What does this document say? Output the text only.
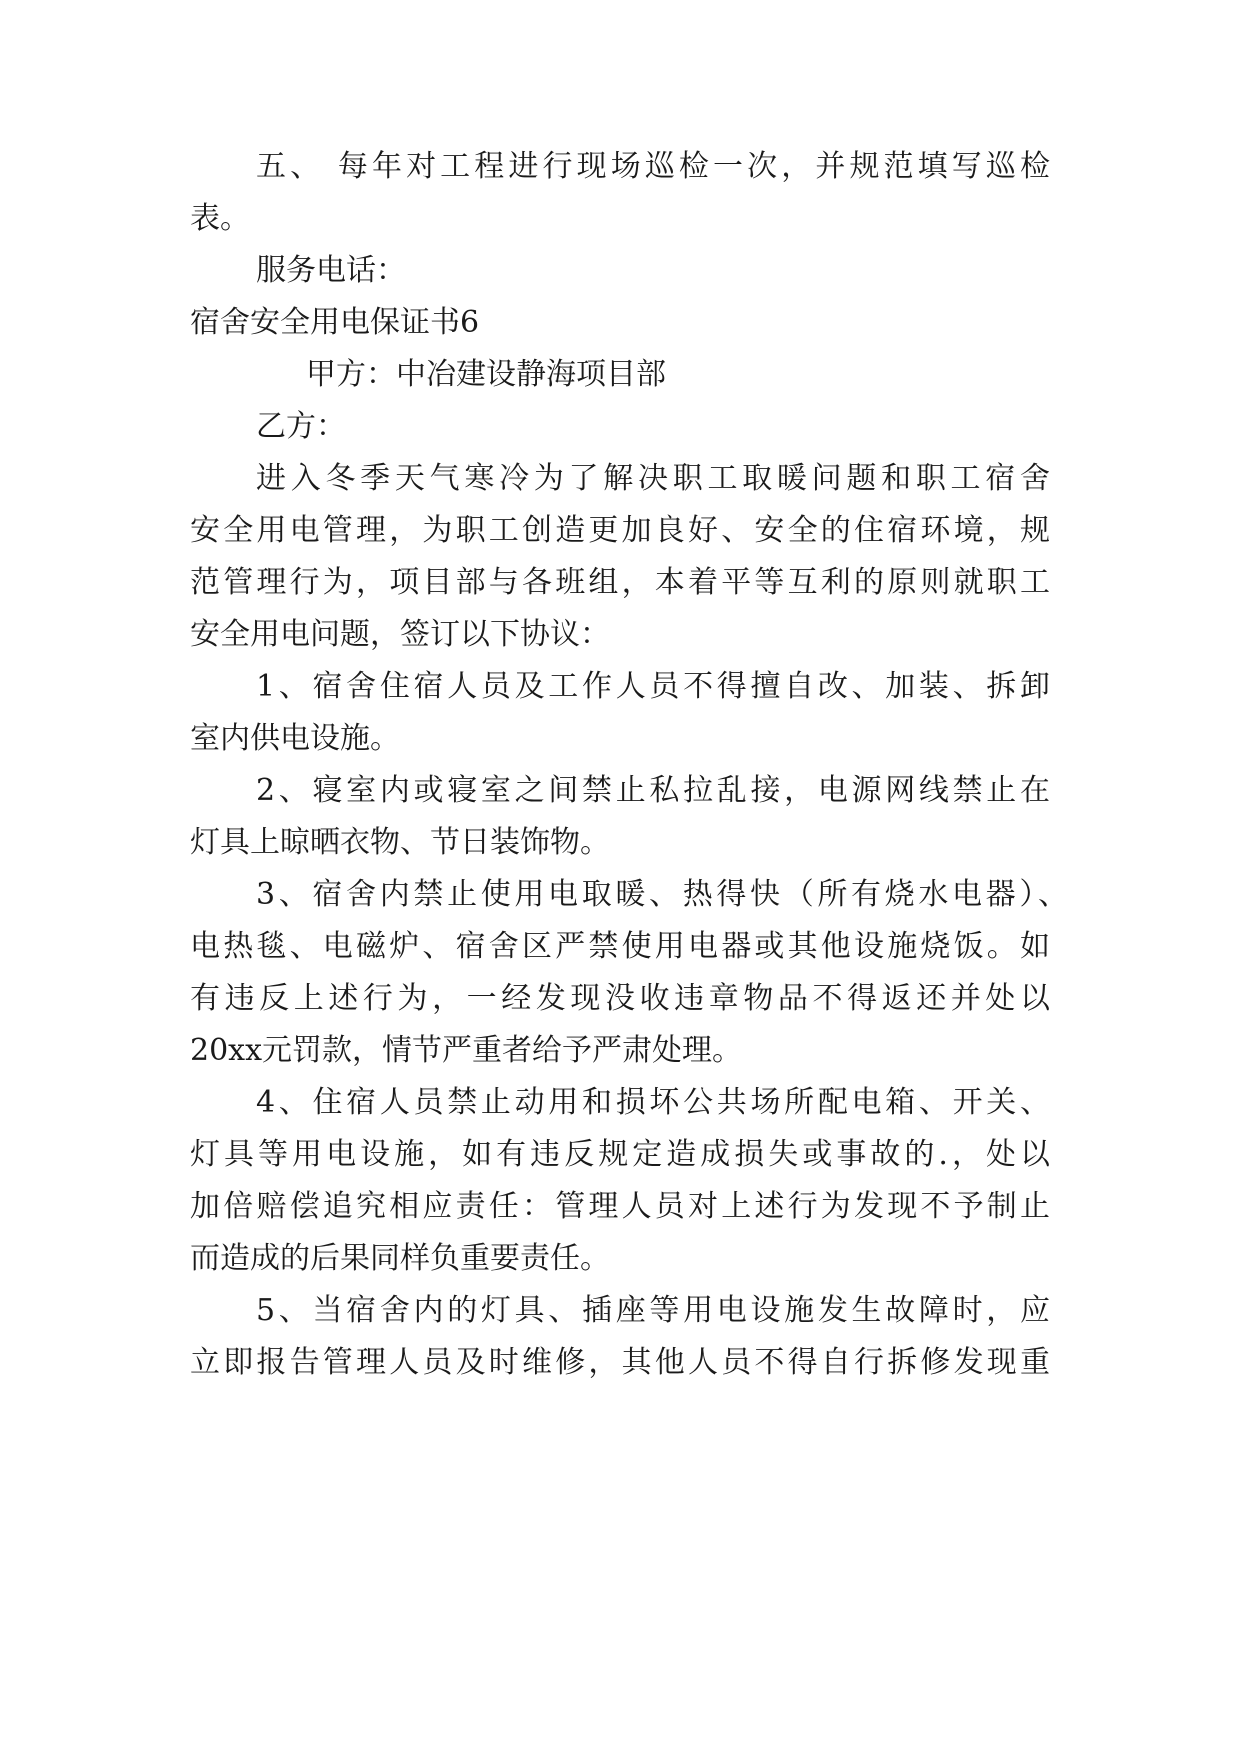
五、 每年对工程进行现场巡检一次，并规范填写巡检
表。
服务电话：
宿舍安全用电保证书6
甲方：中冶建设静海项目部
乙方：
进入冬季天气寒冷为了解决职工取暖问题和职工宿舍
安全用电管理，为职工创造更加良好、安全的住宿环境，规
范管理行为，项目部与各班组，本着平等互利的原则就职工
安全用电问题，签订以下协议：
1、宿舍住宿人员及工作人员不得擅自改、加装、拆卸
室内供电设施。
2、寝室内或寝室之间禁止私拉乱接，电源网线禁止在
灯具上晾晒衣物、节日装饰物。
3、宿舍内禁止使用电取暖、热得快（所有烧水电器）、
电热毯、电磁炉、宿舍区严禁使用电器或其他设施烧饭。如
有违反上述行为，一经发现没收违章物品不得返还并处以
20xx元罚款，情节严重者给予严肃处理。
4、住宿人员禁止动用和损坏公共场所配电箱、开关、
灯具等用电设施，如有违反规定造成损失或事故的.，处以
加倍赔偿追究相应责任：管理人员对上述行为发现不予制止
而造成的后果同样负重要责任。
5、当宿舍内的灯具、插座等用电设施发生故障时，应
立即报告管理人员及时维修，其他人员不得自行拆修发现重
